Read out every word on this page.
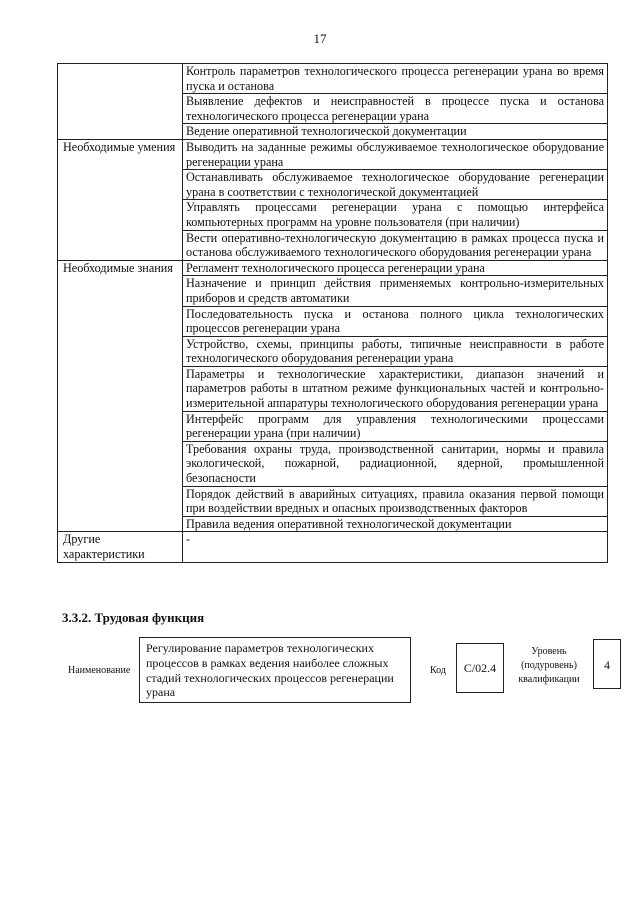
17
	Контроль параметров технологического процесса регенерации урана во время пуска и останова
	Выявление дефектов и неисправностей в процессе пуска и останова технологического процесса регенерации урана
	Ведение оперативной технологической документации
Необходимые умения	Выводить на заданные режимы обслуживаемое технологическое оборудование регенерации урана
	Останавливать обслуживаемое технологическое оборудование регенерации урана в соответствии с технологической документацией
	Управлять процессами регенерации урана с помощью интерфейса компьютерных программ на уровне пользователя (при наличии)
	Вести оперативно-технологическую документацию в рамках процесса пуска и останова обслуживаемого технологического оборудования регенерации урана
Необходимые знания	Регламент технологического процесса регенерации урана
	Назначение и принцип действия применяемых контрольно-измерительных приборов и средств автоматики
	Последовательность пуска и останова полного цикла технологических процессов регенерации урана
	Устройство, схемы, принципы работы, типичные неисправности в работе технологического оборудования регенерации урана
	Параметры и технологические характеристики, диапазон значений и параметров работы в штатном режиме функциональных частей и контрольно-измерительной аппаратуры технологического оборудования регенерации урана
	Интерфейс программ для управления технологическими процессами регенерации урана (при наличии)
	Требования охраны труда, производственной санитарии, нормы и правила экологической, пожарной, радиационной, ядерной, промышленной безопасности
	Порядок действий в аварийных ситуациях, правила оказания первой помощи при воздействии вредных и опасных производственных факторов
	Правила ведения оперативной технологической документации
Другие характеристики	-
3.3.2. Трудовая функция
Наименование
Регулирование параметров технологических процессов в рамках ведения наиболее сложных стадий технологических процессов регенерации урана
Код	C/02.4
Уровень (подуровень) квалификации
4
